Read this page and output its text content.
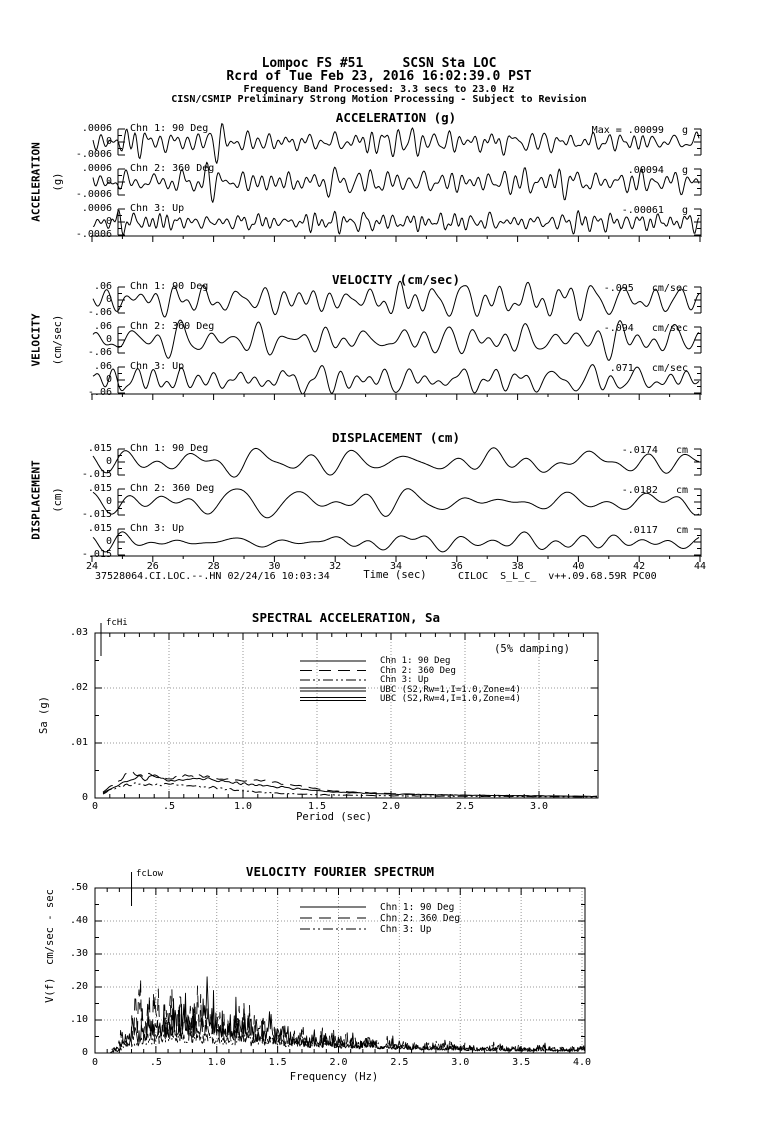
Lompoc FS #51     SCSN Sta LOC
Rcrd of Tue Feb 23, 2016 16:02:39.0 PST
Frequency Band Processed: 3.3 secs to 23.0 Hz
CISN/CSMIP Preliminary Strong Motion Processing - Subject to Revision
ACCELERATION (g)
VELOCITY (cm/sec)
DISPLACEMENT (cm)
ACCELERATION (g)
VELOCITY (cm/sec)
DISPLACEMENT (cm)
37528064.CI.LOC.--.HN 02/24/16 10:03:34	Time (sec)	CILOC  S_L_C_  v++.09.68.59R PC00
SPECTRAL ACCELERATION, Sa
(5% damping)
Sa (g)
Period (sec)
fcHi
VELOCITY FOURIER SPECTRUM
V(f)  cm/sec - sec
Frequency (Hz)
fcLow
.0006
0
-.0006
Chn 1: 90 Deg	Max = .00099   g
.0006
0
-.0006
Chn 2: 360 Deg	.00094   g
.0006
0
-.0006
Chn 3: Up	-.00061   g
.06
0
-.06
Chn 1: 90 Deg	-.095   cm/sec
.06
0
-.06
Chn 2: 360 Deg	-.094   cm/sec
.06
0
-.06
Chn 3: Up	.071   cm/sec
24	26	28	30	32	34	36	38	40	42	44
.015
0
-.015
Chn 1: 90 Deg	-.0174   cm
.015
0
-.015
Chn 2: 360 Deg	-.0182   cm
.015
0
-.015
Chn 3: Up	.0117   cm
0	.5	1.0	1.5	2.0	2.5	3.0
0
.01
.02
.03
Chn 1: 90 Deg
Chn 2: 360 Deg
Chn 3: Up
UBC (S2,Rw=1,I=1.0,Zone=4)
UBC (S2,Rw=4,I=1.0,Zone=4)
0	.5	1.0	1.5	2.0	2.5	3.0	3.5	4.0
0
.10
.20
.30
.40
.50
Chn 1: 90 Deg
Chn 2: 360 Deg
Chn 3: Up
